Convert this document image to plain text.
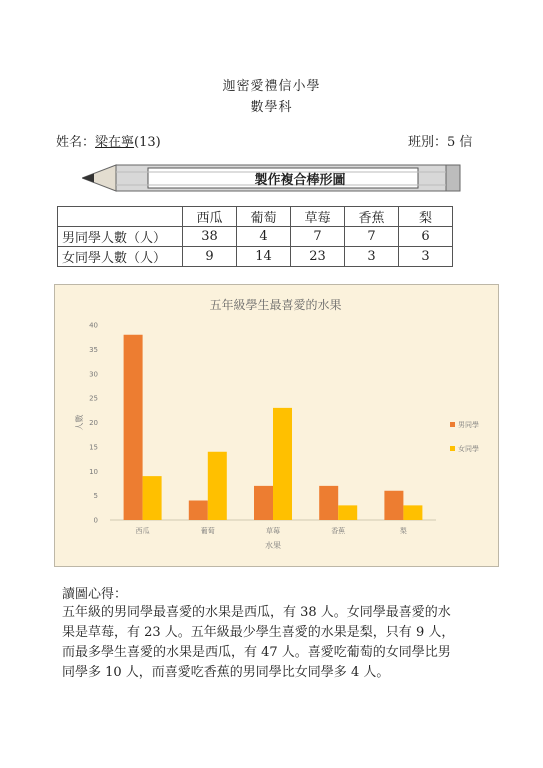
迦密愛禮信小學
數學科
姓名：梁在寧(13)	班別：5 信
製作複合棒形圖
	西瓜	葡萄	草莓	香蕉	梨
男同學人數（人）	38	4	7	7	6
女同學人數（人）	9	14	23	3	3
五年級學生最喜愛的水果
0
5
10
15
20
25
30
35
40
西瓜	葡萄	草莓	香蕉	梨
水果
人數	男同學
女同學
讀圖心得：
五年級的男同學最喜愛的水果是西瓜，有 38 人。女同學最喜愛的水
果是草莓，有 23 人。五年級最少學生喜愛的水果是梨，只有 9 人，
而最多學生喜愛的水果是西瓜，有 47 人。喜愛吃葡萄的女同學比男
同學多 10 人，而喜愛吃香蕉的男同學比女同學多 4 人。
